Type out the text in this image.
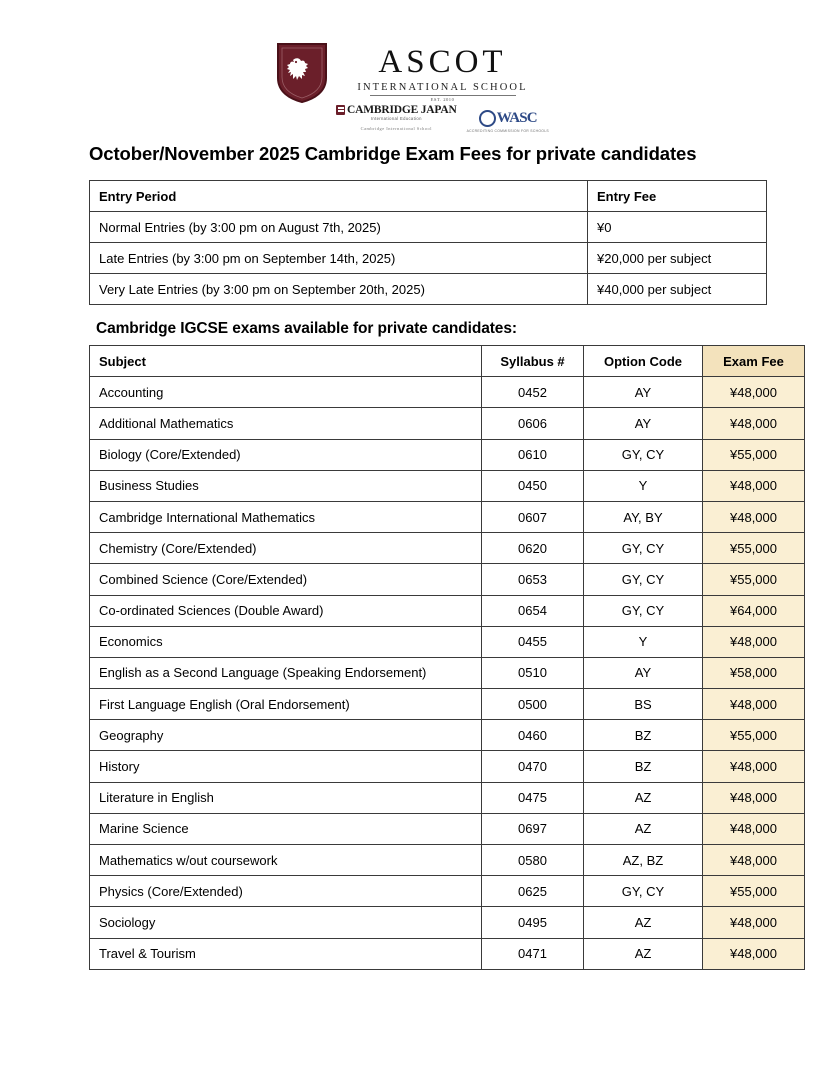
ASCOT
INTERNATIONAL SCHOOL
EST. 2010
CAMBRIDGE JAPAN
International Education
Cambridge International School
WASC
ACCREDITING COMMISSION FOR SCHOOLS
October/November 2025 Cambridge Exam Fees for private candidates
Entry Period	Entry Fee
Normal Entries (by 3:00 pm on August 7th, 2025)	¥0
Late Entries (by 3:00 pm on September 14th, 2025)	¥20,000 per subject
Very Late Entries (by 3:00 pm on September 20th, 2025)	¥40,000 per subject
Cambridge IGCSE exams available for private candidates:
Subject	Syllabus #	Option Code	Exam Fee
Accounting	0452	AY	¥48,000
Additional Mathematics	0606	AY	¥48,000
Biology (Core/Extended)	0610	GY, CY	¥55,000
Business Studies	0450	Y	¥48,000
Cambridge International Mathematics	0607	AY, BY	¥48,000
Chemistry (Core/Extended)	0620	GY, CY	¥55,000
Combined Science (Core/Extended)	0653	GY, CY	¥55,000
Co-ordinated Sciences (Double Award)	0654	GY, CY	¥64,000
Economics	0455	Y	¥48,000
English as a Second Language (Speaking Endorsement)	0510	AY	¥58,000
First Language English (Oral Endorsement)	0500	BS	¥48,000
Geography	0460	BZ	¥55,000
History	0470	BZ	¥48,000
Literature in English	0475	AZ	¥48,000
Marine Science	0697	AZ	¥48,000
Mathematics w/out coursework	0580	AZ, BZ	¥48,000
Physics (Core/Extended)	0625	GY, CY	¥55,000
Sociology	0495	AZ	¥48,000
Travel & Tourism	0471	AZ	¥48,000
